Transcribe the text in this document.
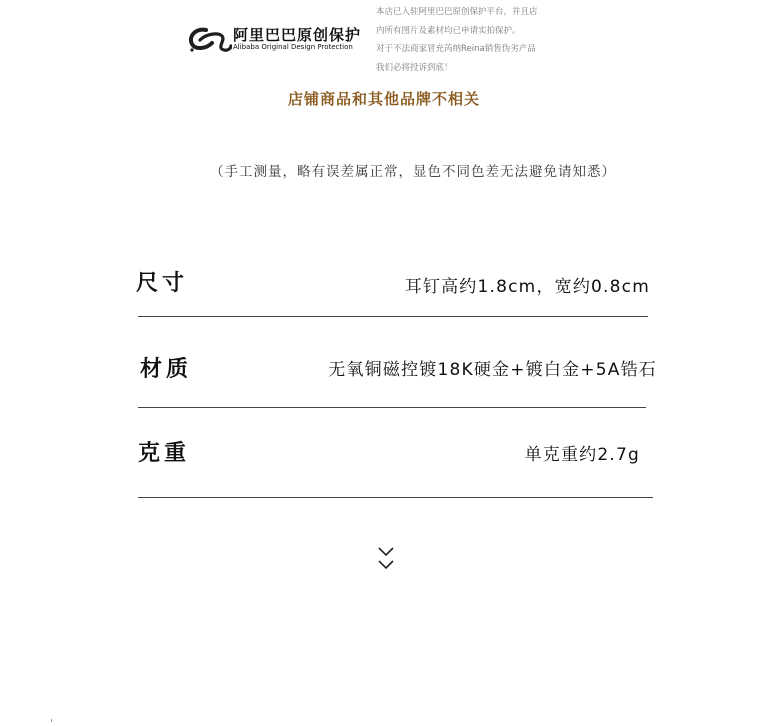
阿里巴巴原创保护
Alibaba Original Design Protection
本店已入驻阿里巴巴原创保护平台，并且店
内所有图片及素材均已申请实拍保护。
对于不法商家冒充芮纳Reina销售伪劣产品
我们必将投诉到底！
店铺商品和其他品牌不相关
（手工测量，略有误差属正常，显色不同色差无法避免请知悉）
尺寸	耳钉高约1.8cm，宽约0.8cm
材质	无氧铜磁控镀18K硬金+镀白金+5A锆石
克重	单克重约2.7g
